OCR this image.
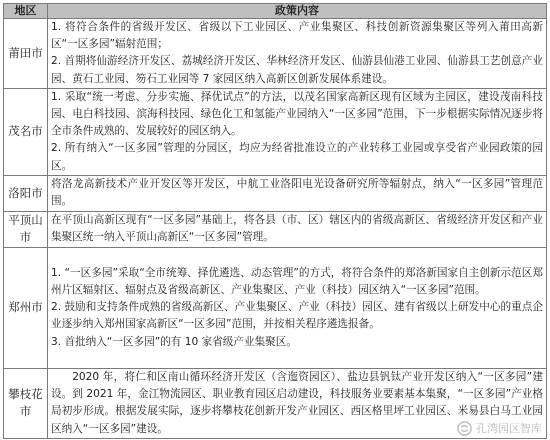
地区	政策内容
莆田市	1. 将符合条件的省级开发区、省级以下工业园区、产业集聚区、科技创新资源集聚区等列入莆田高新区“一区多园”辐射范围；
2. 首期将仙游经济开发区、荔城经济开发区、华林经济开发区、仙游县仙港工业园、仙游县工艺创意产业园、黄石工业园、笏石工业园等 7 家园区纳入高新区创新发展体系建设。

茂名市	1. 采取“统一考虑、分步实施、择优试点”的方法，以茂名国家高新区现有区域为主园区，建设茂南科技园、电白科技园、滨海科技园、绿色化工和氢能产业园纳入“一区多园”范围，下一步根据实际情况逐步将全市条件成熟的、发展较好的园区纳入。
2. 所有纳入“一区多园”管理的分园区，均应为经省批准设立的产业转移工业园或享受省产业园政策的园区。

洛阳市	将洛龙高新技术产业开发区等开发区，中航工业洛阳电光设备研究所等辐射点，纳入“一区多园”管理范围。

平顶山市	在平顶山高新区现有“一区多园”基础上，将各县（市、区）辖区内的省级高新区、省级经济开发区和产业集聚区统一纳入平顶山高新区“一区多园”管理。

郑州市	1. “一区多园”采取“全市统筹、择优遴选、动态管理”的方式，将符合条件的郑洛新国家自主创新示范区郑州片区辐射区、辐射点及省级高新区、产业集聚区、产业（科技）园区纳入“一区多园”范围。
2. 鼓励和支持条件成熟的省级高新区、产业集聚区、产业（科技）园区、建有省级以上研发中心的重点企业逐步纳入郑州国家高新区“一区多园”范围，并按相关程序遴选报备。
3. 首批纳入“一区多园”的有 10 家省级产业集聚区。

攀枝花市	2020 年，将仁和区南山循环经济开发区（含迤资园区）、盐边县钒钛产业开发区纳入“一区多园”建设。到 2021 年，金江物流园区、职业教育园区启动建设，科技服务业要素基本集聚，“一区多园”产业格局初步形成。根据发展实际，逐步将攀枝花创新开发产业园区、西区格里坪工业园区、米易县白马工业园区纳入“一区多园”建设。	孔湾园区智库
